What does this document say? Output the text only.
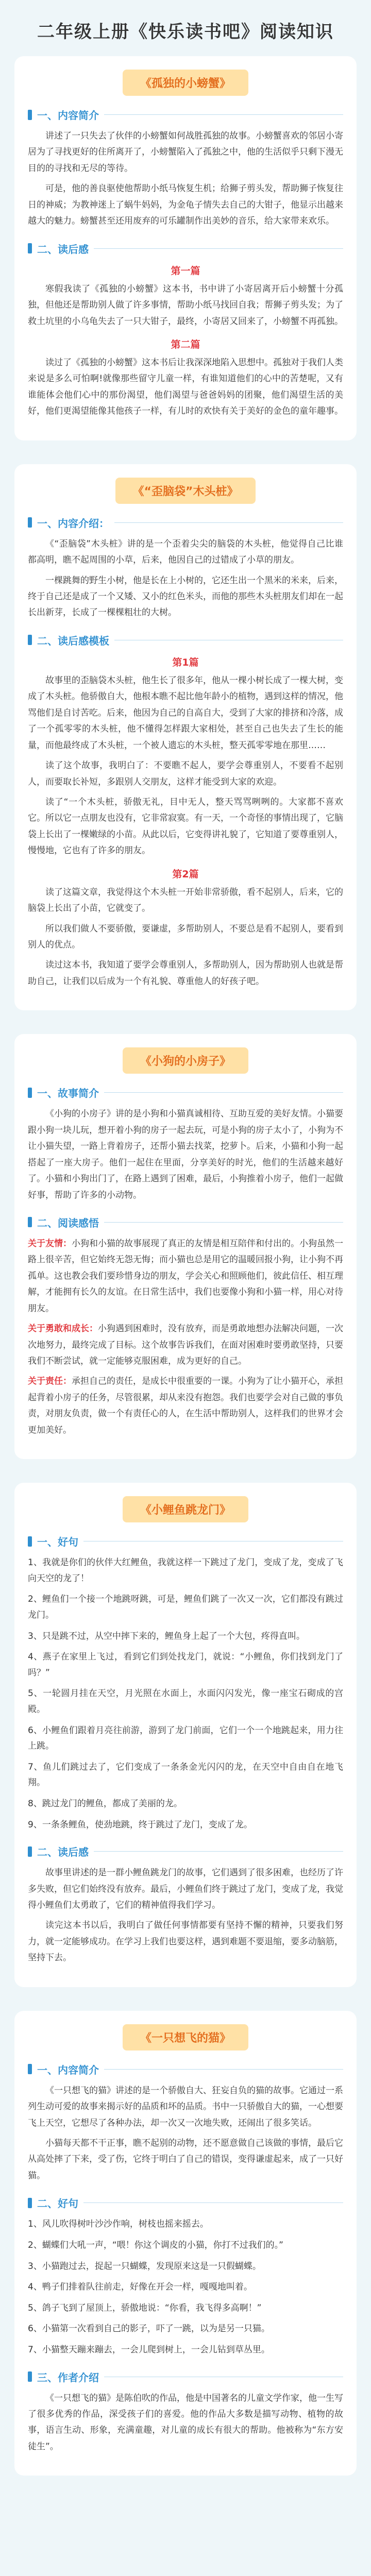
二年级上册《快乐读书吧》阅读知识
《孤独的小螃蟹》
一、内容简介

讲述了一只失去了伙伴的小螃蟹如何战胜孤独的故事。小螃蟹喜欢的邻居小寄居为了寻找更好的住所离开了，小螃蟹陷入了孤独之中，他的生活似乎只剩下漫无目的的寻找和无尽的等待。

可是，他的善良驱使他帮助小纸马恢复生机；给狮子剪头发，帮助狮子恢复往日的神威；为教神迷上了蜗牛妈妈，为金龟子情失去自己的大钳子，他显示出越来越大的魅力。螃蟹甚至还用废弃的可乐罐制作出美妙的音乐，给大家带来欢乐。

二、读后感
第一篇

寒假我读了《孤独的小螃蟹》这本书，书中讲了小寄居离开后小螃蟹十分孤独，但他还是帮助别人做了许多事情，帮助小纸马找回自我；帮狮子剪头发；为了救土坑里的小乌龟失去了一只大钳子，最终，小寄居又回来了，小螃蟹不再孤独。

第二篇

读过了《孤独的小螃蟹》这本书后让我深深地陷入思想中。孤独对于我们人类来说是多么可怕啊!就像那些留守儿童一样，有谁知道他们的心中的苦楚呢，又有谁能体会他们心中的那份渴望，他们渴望与爸爸妈妈的团聚，他们渴望生活的美好，他们更渴望能像其他孩子一样，有儿时的欢快有关于美好的金色的童年趣事。

《“歪脑袋”木头桩》
一、内容介绍：

《“歪脑袋”木头桩》讲的是一个歪着尖尖的脑袋的木头桩，他觉得自己比谁都高明，瞧不起周围的小草，后来，他因自己的过错成了小草的朋友。

一棵跳舞的野生小树，他是长在上小树的，它还生出一个黑米的米来，后来，终于自己还是成了一个又矮、又小的红色米头，而他的那些木头桩朋友们却在一起长出新芽，长成了一棵棵粗壮的大树。

二、读后感模板
第1篇

故事里的歪脑袋木头桩，他生长了很多年，他从一棵小树长成了一棵大树，变成了木头桩。他骄傲自大，他根本瞧不起比他年龄小的植物，遇到这样的情况，他骂他们是自讨苦吃。后来，他因为自己的自高自大，受到了大家的排挤和冷落，成了一个孤零零的木头桩，他不懂得怎样跟大家相处，甚至自己也失去了生长的能量，而他最终成了木头桩，一个被人遗忘的木头桩，整天孤零零地在那里……

读了这个故事，我明白了：不要瞧不起人，要学会尊重别人，不要看不起别人，而要取长补短，多跟别人交朋友，这样才能受到大家的欢迎。

读了“一个木头桩，骄傲无礼，目中无人，整天骂骂咧咧的。大家都不喜欢它。所以它一点朋友也没有，它非常寂寞。有一天，一个奇怪的事情出现了，它脑袋上长出了一棵嫩绿的小苗。从此以后，它变得讲礼貌了，它知道了要尊重别人，慢慢地，它也有了许多的朋友。

第2篇

读了这篇文章，我觉得这个木头桩一开始非常骄傲，看不起别人，后来，它的脑袋上长出了小苗，它就变了。

所以我们做人不要骄傲，要谦虚，多帮助别人，不要总是看不起别人，要看到别人的优点。

读过这本书，我知道了要学会尊重别人，多帮助别人，因为帮助别人也就是帮助自己，让我们以后成为一个有礼貌、尊重他人的好孩子吧。

《小狗的小房子》
一、故事简介

《小狗的小房子》讲的是小狗和小猫真诚相待、互助互爱的美好友情。小猫要跟小狗一块儿玩，想开着小狗的房子一起去玩，可是小狗的房子太小了，小狗为不让小猫失望，一路上背着房子，还帮小猫去找菜，挖萝卜。后来，小猫和小狗一起搭起了一座大房子。他们一起住在里面，分享美好的时光，他们的生活越来越好了。小猫和小狗出门了，在路上遇到了困难，最后，小狗推着小房子，他们一起做好事，帮助了许多的小动物。

二、阅读感悟

关于友情：小狗和小猫的故事展现了真正的友情是相互陪伴和付出的。小狗虽然一路上很辛苦，但它始终无怨无悔；而小猫也总是用它的温暖回报小狗，让小狗不再孤单。这也教会我们要珍惜身边的朋友，学会关心和照顾他们，彼此信任、相互理解，才能拥有长久的友谊。在日常生活中，我们也要像小狗和小猫一样，用心对待朋友。

关于勇敢和成长：小狗遇到困难时，没有放弃，而是勇敢地想办法解决问题，一次次地努力，最终完成了目标。这个故事告诉我们，在面对困难时要勇敢坚持，只要我们不断尝试，就一定能够克服困难，成为更好的自己。

关于责任：承担自己的责任，是成长中很重要的一课。小狗为了让小猫开心，承担起背着小房子的任务，尽管很累，却从来没有抱怨。我们也要学会对自己做的事负责，对朋友负责，做一个有责任心的人，在生活中帮助别人，这样我们的世界才会更加美好。

《小鲤鱼跳龙门》
一、好句

1、我就是你们的伙伴大红鲤鱼，我就这样一下跳过了龙门，变成了龙，变成了飞向天空的龙了！

2、鲤鱼们一个接一个地跳呀跳，可是，鲤鱼们跳了一次又一次，它们都没有跳过龙门。

3、只是跳不过，从空中摔下来的，鲤鱼身上起了一个大包，疼得直叫。

4、燕子在家里上飞过，看到它们到处找龙门，就说：“小鲤鱼，你们找到龙门了吗？”

5、一轮圆月挂在天空，月光照在水面上，水面闪闪发光，像一座宝石砌成的宫殿。

6、小鲤鱼们跟着月亮往前游，游到了龙门前面，它们一个一个地跳起来，用力往上跳。

7、鱼儿们跳过去了，它们变成了一条条金光闪闪的龙，在天空中自由自在地飞翔。

8、跳过龙门的鲤鱼，都成了美丽的龙。

9、一条条鲤鱼，使劲地跳，终于跳过了龙门，变成了龙。

二、读后感

故事里讲述的是一群小鲤鱼跳龙门的故事，它们遇到了很多困难，也经历了许多失败，但它们始终没有放弃。最后，小鲤鱼们终于跳过了龙门，变成了龙，我觉得小鲤鱼们太勇敢了，它们的精神值得我们学习。

读完这本书以后，我明白了做任何事情都要有坚持不懈的精神，只要我们努力，就一定能够成功。在学习上我们也要这样，遇到难题不要退缩，要多动脑筋，坚持下去。

《一只想飞的猫》
一、内容简介

《一只想飞的猫》讲述的是一个骄傲自大、狂妄自负的猫的故事。它通过一系列生动可爱的故事来揭示好的品质和坏的品质。书中一只骄傲自大的猫，一心想要飞上天空，它想尽了各种办法，却一次又一次地失败，还闹出了很多笑话。

小猫每天都不干正事，瞧不起别的动物，还不愿意做自己该做的事情，最后它从高处摔了下来，受了伤，它终于明白了自己的错误，变得谦虚起来，成了一只好猫。

二、好句

1、风儿吹得树叶沙沙作响，树枝也摇来摇去。

2、蝴蝶们大吼一声，“喂！你这个调皮的小猫，你打不过我们的。”

3、小猫跑过去，捉起一只蝴蝶，发现原来这是一只假蝴蝶。

4、鸭子们排着队往前走，好像在开会一样，嘎嘎地叫着。

5、鸽子飞到了屋顶上，骄傲地说：“你看，我飞得多高啊！”

6、小猫第一次看到自己的影子，吓了一跳，以为是另一只猫。

7、小猫整天蹦来蹦去，一会儿爬到树上，一会儿钻到草丛里。

三、作者介绍

《一只想飞的猫》是陈伯吹的作品，他是中国著名的儿童文学作家，他一生写了很多优秀的作品，深受孩子们的喜爱。他的作品大多数是描写动物、植物的故事，语言生动、形象，充满童趣，对儿童的成长有很大的帮助。他被称为“东方安徒生”。
